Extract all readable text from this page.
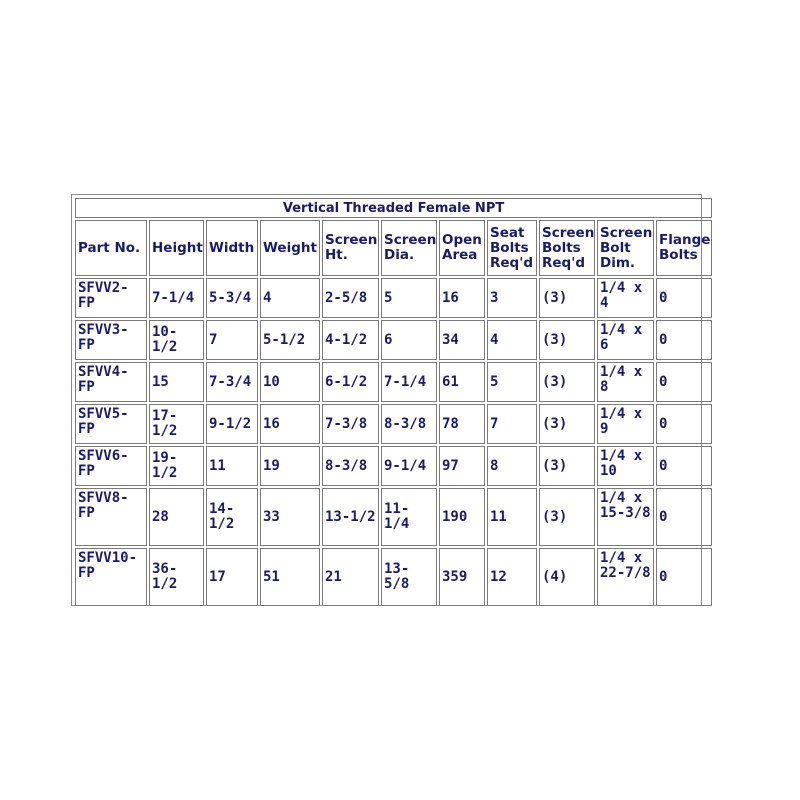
Vertical Threaded Female NPT										
Part No.	Height	Width	Weight	Screen Ht.	Screen Dia.	Open Area	Seat Bolts Req'd	Screen Bolts Req'd	Screen Bolt Dim.	Flange Bolts
SFVV2-FP	7-1/4	5-3/4	4	2-5/8	5	16	3	(3)	1/4 x 4	0
SFVV3-FP	10-1/2	7	5-1/2	4-1/2	6	34	4	(3)	1/4 x 6	0
SFVV4-FP	15	7-3/4	10	6-1/2	7-1/4	61	5	(3)	1/4 x 8	0
SFVV5-FP	17-1/2	9-1/2	16	7-3/8	8-3/8	78	7	(3)	1/4 x 9	0
SFVV6-FP	19-1/2	11	19	8-3/8	9-1/4	97	8	(3)	1/4 x 10	0
SFVV8-FP	28	14-1/2	33	13-1/2	11-1/4	190	11	(3)	1/4 x 15-3/8	0
SFVV10-FP	36-1/2	17	51	21	13-5/8	359	12	(4)	1/4 x 22-7/8	0
